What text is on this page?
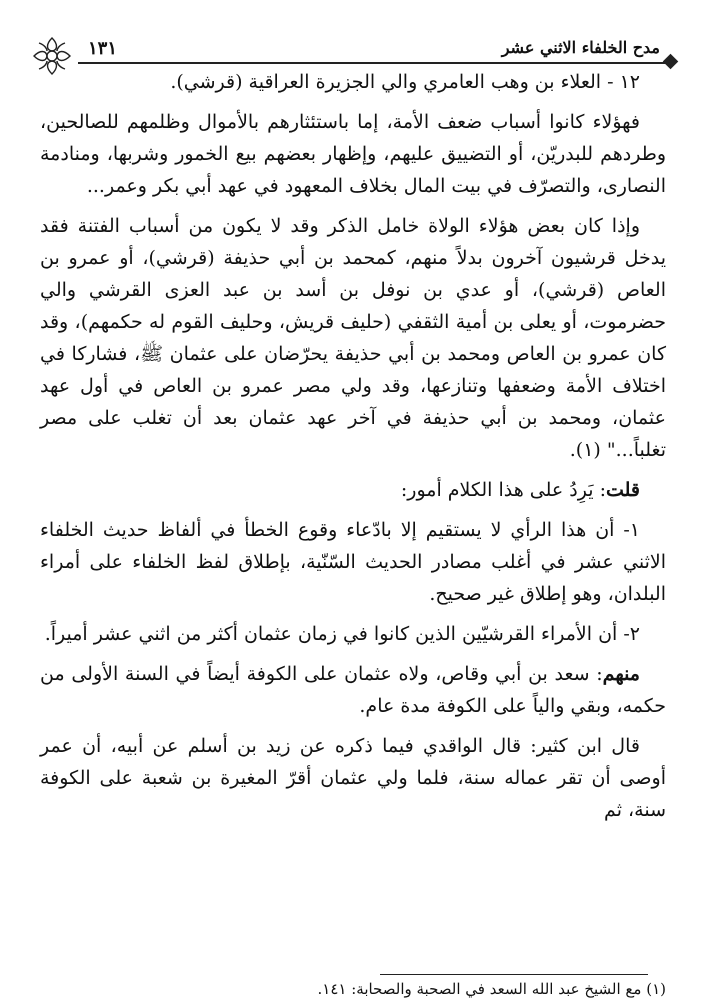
مدح الخلفاء الاثني عشر
١٣١

١٢ - العلاء بن وهب العامري والي الجزيرة العراقية (قرشي).

فهؤلاء كانوا أسباب ضعف الأمة، إما باستئثارهم بالأموال وظلمهم للصالحين، وطردهم للبدريّن، أو التضييق عليهم، وإظهار بعضهم بيع الخمور وشربها، ومنادمة النصارى، والتصرّف في بيت المال بخلاف المعهود في عهد أبي بكر وعمر...

وإذا كان بعض هؤلاء الولاة خامل الذكر وقد لا يكون من أسباب الفتنة فقد يدخل قرشيون آخرون بدلاً منهم، كمحمد بن أبي حذيفة (قرشي)، أو عمرو بن العاص (قرشي)، أو عدي بن نوفل بن أسد بن عبد العزى القرشي والي حضرموت، أو يعلى بن أمية الثقفي (حليف قريش، وحليف القوم له حكمهم)، وقد كان عمرو بن العاص ومحمد بن أبي حذيفة يحرّضان على عثمان ﷺ، فشاركا في اختلاف الأمة وضعفها وتنازعها، وقد ولي مصر عمرو بن العاص في أول عهد عثمان، ومحمد بن أبي حذيفة في آخر عهد عثمان بعد أن تغلب على مصر تغلباً..." (١).

قلت: يَرِدُ على هذا الكلام أمور:

١- أن هذا الرأي لا يستقيم إلا بادّعاء وقوع الخطأ في ألفاظ حديث الخلفاء الاثني عشر في أغلب مصادر الحديث السّنّية، بإطلاق لفظ الخلفاء على أمراء البلدان، وهو إطلاق غير صحيح.

٢- أن الأمراء القرشيّين الذين كانوا في زمان عثمان أكثر من اثني عشر أميراً.

منهم: سعد بن أبي وقاص، ولاه عثمان على الكوفة أيضاً في السنة الأولى من حكمه، وبقي والياً على الكوفة مدة عام.

قال ابن كثير: قال الواقدي فيما ذكره عن زيد بن أسلم عن أبيه، أن عمر أوصى أن تقر عماله سنة، فلما ولي عثمان أقرّ المغيرة بن شعبة على الكوفة سنة، ثم

(١) مع الشيخ عبد الله السعد في الصحبة والصحابة: ١٤١.
